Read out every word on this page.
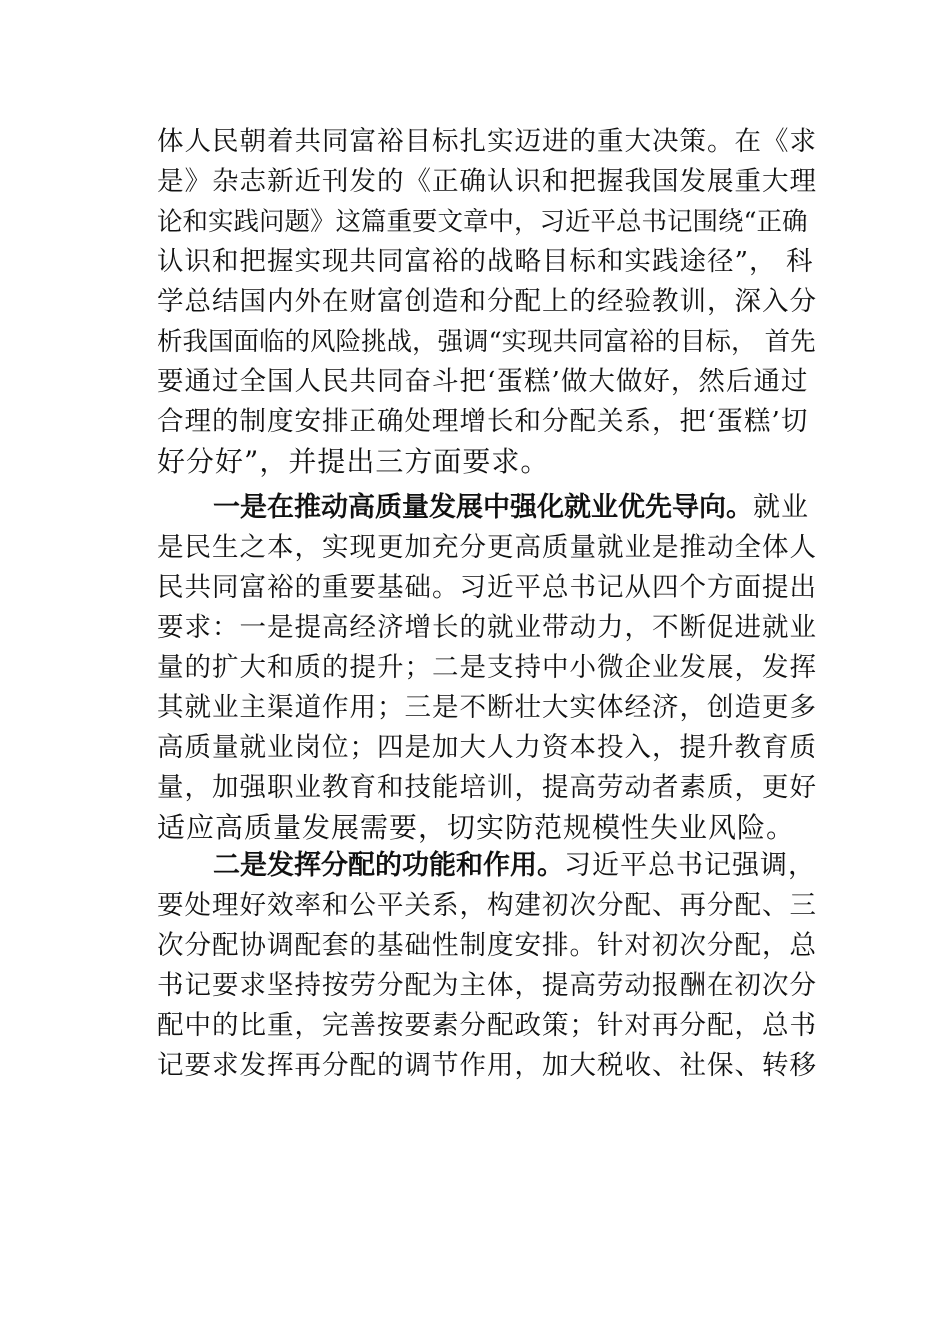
体人民朝着共同富裕目标扎实迈进的重大决策。在《求
是》杂志新近刊发的《正确认识和把握我国发展重大理
论和实践问题》这篇重要文章中，习近平总书记围绕“正确
认识和把握实现共同富裕的战略目标和实践途径”， 科
学总结国内外在财富创造和分配上的经验教训，深入分
析我国面临的风险挑战，强调“实现共同富裕的目标， 首先
要通过全国人民共同奋斗把‘蛋糕’做大做好，然后通过
合理的制度安排正确处理增长和分配关系，把‘蛋糕’切
好分好”，并提出三方面要求。
一是在推动高质量发展中强化就业优先导向。就业
是民生之本，实现更加充分更高质量就业是推动全体人
民共同富裕的重要基础。习近平总书记从四个方面提出
要求：一是提高经济增长的就业带动力，不断促进就业
量的扩大和质的提升；二是支持中小微企业发展，发挥
其就业主渠道作用；三是不断壮大实体经济，创造更多
高质量就业岗位；四是加大人力资本投入，提升教育质
量，加强职业教育和技能培训，提高劳动者素质，更好
适应高质量发展需要，切实防范规模性失业风险。
二是发挥分配的功能和作用。习近平总书记强调，
要处理好效率和公平关系，构建初次分配、再分配、三
次分配协调配套的基础性制度安排。针对初次分配，总
书记要求坚持按劳分配为主体，提高劳动报酬在初次分
配中的比重，完善按要素分配政策；针对再分配，总书
记要求发挥再分配的调节作用，加大税收、社保、转移
